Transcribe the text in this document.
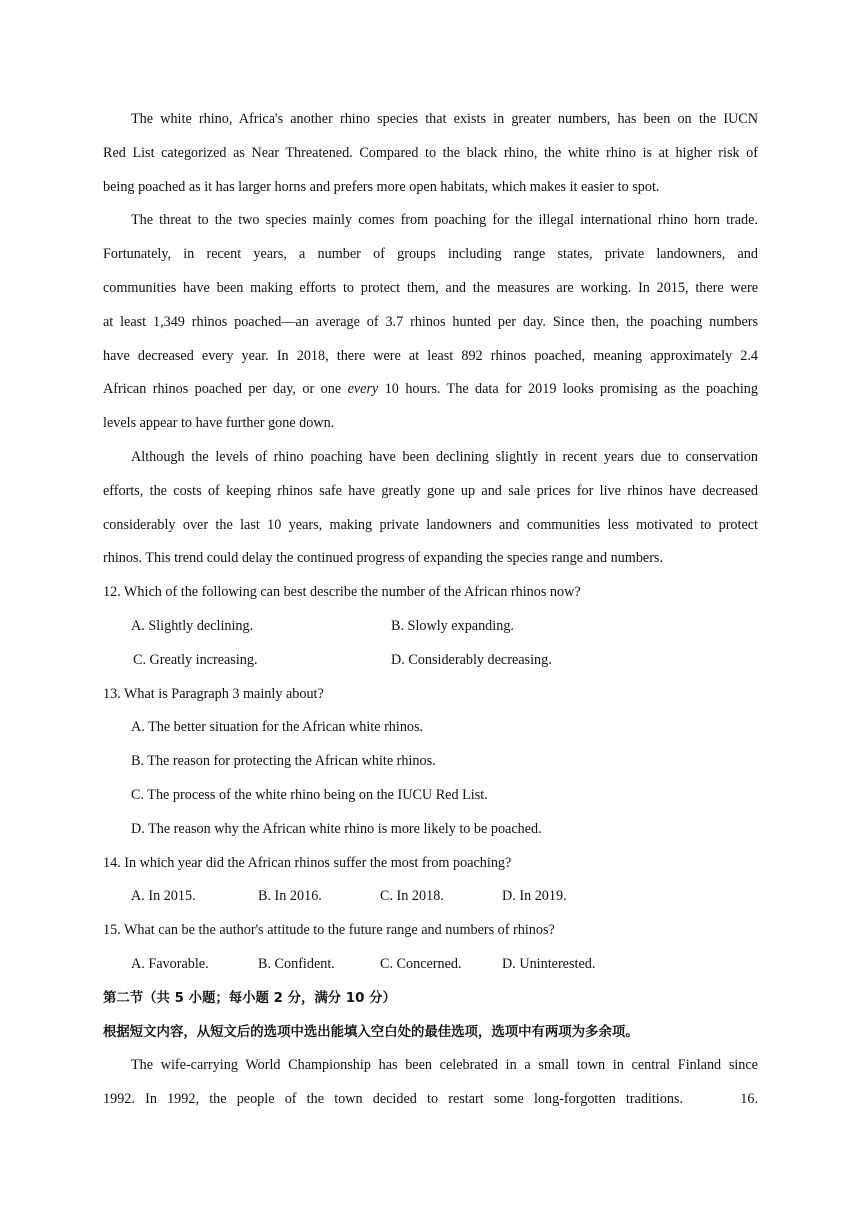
The white rhino, Africa's another rhino species that exists in greater numbers, has been on the IUCN
Red List categorized as Near Threatened. Compared to the black rhino, the white rhino is at higher risk of
being poached as it has larger horns and prefers more open habitats, which makes it easier to spot.
The threat to the two species mainly comes from poaching for the illegal international rhino horn trade.
Fortunately, in recent years, a number of groups including range states, private landowners, and
communities have been making efforts to protect them, and the measures are working. In 2015, there were
at least 1,349 rhinos poached—an average of 3.7 rhinos hunted per day. Since then, the poaching numbers
have decreased every year. In 2018, there were at least 892 rhinos poached, meaning approximately 2.4
African rhinos poached per day, or one every 10 hours. The data for 2019 looks promising as the poaching
levels appear to have further gone down.
Although the levels of rhino poaching have been declining slightly in recent years due to conservation
efforts, the costs of keeping rhinos safe have greatly gone up and sale prices for live rhinos have decreased
considerably over the last 10 years, making private landowners and communities less motivated to protect
rhinos. This trend could delay the continued progress of expanding the species range and numbers.
12. Which of the following can best describe the number of the African rhinos now?
A. Slightly declining.	B. Slowly expanding.
C. Greatly increasing.	D. Considerably decreasing.
13. What is Paragraph 3 mainly about?
A. The better situation for the African white rhinos.
B. The reason for protecting the African white rhinos.
C. The process of the white rhino being on the IUCU Red List.
D. The reason why the African white rhino is more likely to be poached.
14. In which year did the African rhinos suffer the most from poaching?
A. In 2015.	B. In 2016.	C. In 2018.	D. In 2019.
15. What can be the author's attitude to the future range and numbers of rhinos?
A. Favorable.	B. Confident.	C. Concerned.	D. Uninterested.
第二节（共 5 小题；每小题 2 分，满分 10 分）
根据短文内容，从短文后的选项中选出能填入空白处的最佳选项，选项中有两项为多余项。
The wife-carrying World Championship has been celebrated in a small town in central Finland since
1992. In 1992, the people of the town decided to restart some long-forgotten traditions.	16.
